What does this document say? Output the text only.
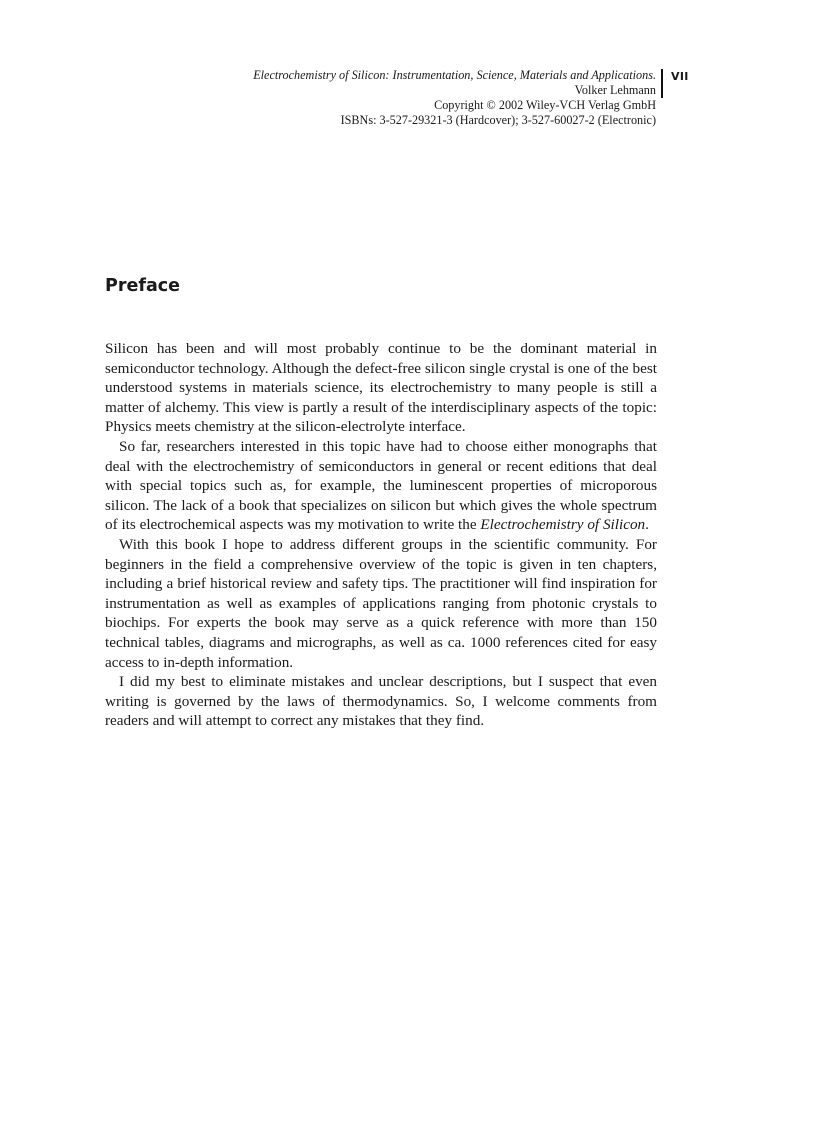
Electrochemistry of Silicon: Instrumentation, Science, Materials and Applications.
Volker Lehmann
Copyright © 2002 Wiley-VCH Verlag GmbH
ISBNs: 3-527-29321-3 (Hardcover); 3-527-60027-2 (Electronic)
VII
Preface

Silicon has been and will most probably continue to be the dominant material in semiconductor technology. Although the defect-free silicon single crystal is one of the best understood systems in materials science, its electrochemistry to many people is still a matter of alchemy. This view is partly a result of the interdisciplinary aspects of the topic: Physics meets chemistry at the silicon-electrolyte interface.

So far, researchers interested in this topic have had to choose either monographs that deal with the electrochemistry of semiconductors in general or recent editions that deal with special topics such as, for example, the luminescent properties of microporous silicon. The lack of a book that specializes on silicon but which gives the whole spectrum of its electrochemical aspects was my motivation to write the Electrochemistry of Silicon.

With this book I hope to address different groups in the scientific community. For beginners in the field a comprehensive overview of the topic is given in ten chapters, including a brief historical review and safety tips. The practitioner will find inspiration for instrumentation as well as examples of applications ranging from photonic crystals to biochips. For experts the book may serve as a quick reference with more than 150 technical tables, diagrams and micrographs, as well as ca. 1000 references cited for easy access to in-depth information.

I did my best to eliminate mistakes and unclear descriptions, but I suspect that even writing is governed by the laws of thermodynamics. So, I welcome comments from readers and will attempt to correct any mistakes that they find.
